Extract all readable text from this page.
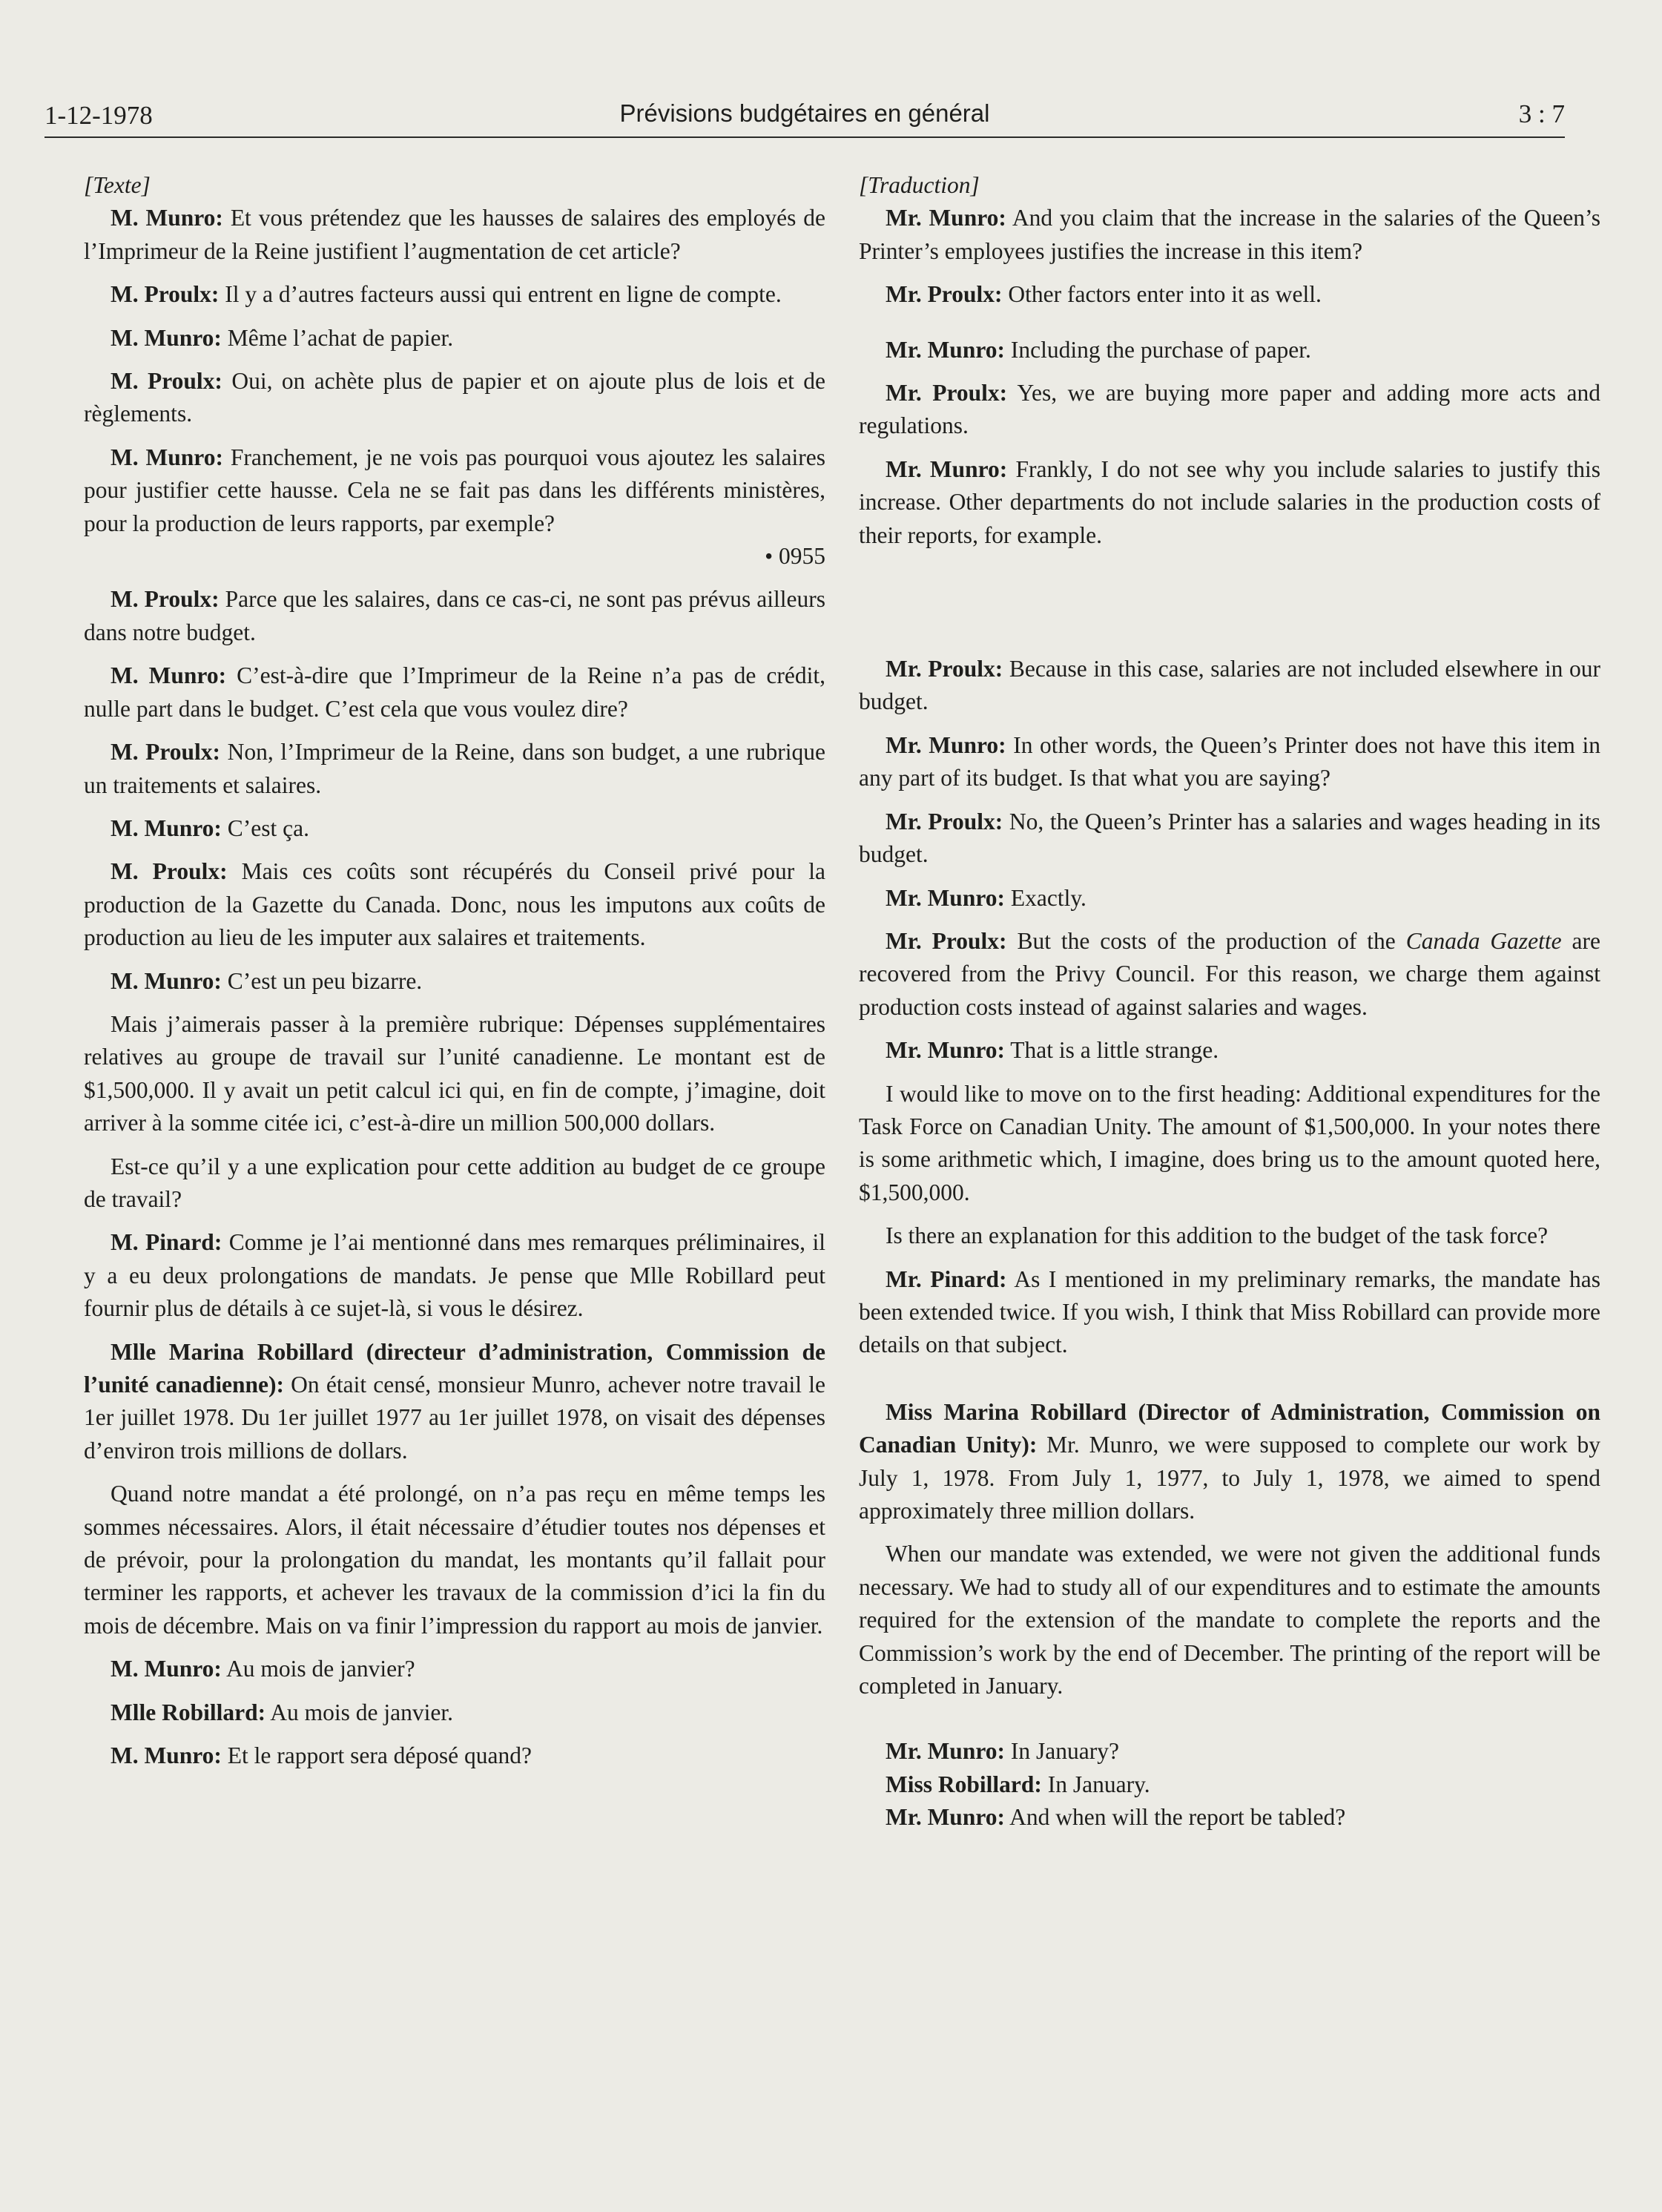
1-12-1978	Prévisions budgétaires en général	3 : 7

[Texte]

M. Munro: Et vous prétendez que les hausses de salaires des employés de l’Imprimeur de la Reine justifient l’augmentation de cet article?

M. Proulx: Il y a d’autres facteurs aussi qui entrent en ligne de compte.

M. Munro: Même l’achat de papier.

M. Proulx: Oui, on achète plus de papier et on ajoute plus de lois et de règlements.

M. Munro: Franchement, je ne vois pas pourquoi vous ajoutez les salaires pour justifier cette hausse. Cela ne se fait pas dans les différents ministères, pour la production de leurs rapports, par exemple?

• 0955

M. Proulx: Parce que les salaires, dans ce cas-ci, ne sont pas prévus ailleurs dans notre budget.

M. Munro: C’est-à-dire que l’Imprimeur de la Reine n’a pas de crédit, nulle part dans le budget. C’est cela que vous voulez dire?

M. Proulx: Non, l’Imprimeur de la Reine, dans son budget, a une rubrique un traitements et salaires.

M. Munro: C’est ça.

M. Proulx: Mais ces coûts sont récupérés du Conseil privé pour la production de la Gazette du Canada. Donc, nous les imputons aux coûts de production au lieu de les imputer aux salaires et traitements.

M. Munro: C’est un peu bizarre.

Mais j’aimerais passer à la première rubrique: Dépenses supplémentaires relatives au groupe de travail sur l’unité canadienne. Le montant est de $1,500,000. Il y avait un petit calcul ici qui, en fin de compte, j’imagine, doit arriver à la somme citée ici, c’est-à-dire un million 500,000 dollars.

Est-ce qu’il y a une explication pour cette addition au budget de ce groupe de travail?

M. Pinard: Comme je l’ai mentionné dans mes remarques préliminaires, il y a eu deux prolongations de mandats. Je pense que Mlle Robillard peut fournir plus de détails à ce sujet-là, si vous le désirez.

Mlle Marina Robillard (directeur d’administration, Commission de l’unité canadienne): On était censé, monsieur Munro, achever notre travail le 1er juillet 1978. Du 1er juillet 1977 au 1er juillet 1978, on visait des dépenses d’environ trois millions de dollars.

Quand notre mandat a été prolongé, on n’a pas reçu en même temps les sommes nécessaires. Alors, il était nécessaire d’étudier toutes nos dépenses et de prévoir, pour la prolongation du mandat, les montants qu’il fallait pour terminer les rapports, et achever les travaux de la commission d’ici la fin du mois de décembre. Mais on va finir l’impression du rapport au mois de janvier.

M. Munro: Au mois de janvier?

Mlle Robillard: Au mois de janvier.

M. Munro: Et le rapport sera déposé quand?

[Traduction]

Mr. Munro: And you claim that the increase in the salaries of the Queen’s Printer’s employees justifies the increase in this item?

Mr. Proulx: Other factors enter into it as well.

Mr. Munro: Including the purchase of paper.

Mr. Proulx: Yes, we are buying more paper and adding more acts and regulations.

Mr. Munro: Frankly, I do not see why you include salaries to justify this increase. Other departments do not include salaries in the production costs of their reports, for example.

Mr. Proulx: Because in this case, salaries are not included elsewhere in our budget.

Mr. Munro: In other words, the Queen’s Printer does not have this item in any part of its budget. Is that what you are saying?

Mr. Proulx: No, the Queen’s Printer has a salaries and wages heading in its budget.

Mr. Munro: Exactly.

Mr. Proulx: But the costs of the production of the Canada Gazette are recovered from the Privy Council. For this reason, we charge them against production costs instead of against salaries and wages.

Mr. Munro: That is a little strange.

I would like to move on to the first heading: Additional expenditures for the Task Force on Canadian Unity. The amount of $1,500,000. In your notes there is some arithmetic which, I imagine, does bring us to the amount quoted here, $1,500,000.

Is there an explanation for this addition to the budget of the task force?

Mr. Pinard: As I mentioned in my preliminary remarks, the mandate has been extended twice. If you wish, I think that Miss Robillard can provide more details on that subject.

Miss Marina Robillard (Director of Administration, Commission on Canadian Unity): Mr. Munro, we were supposed to complete our work by July 1, 1978. From July 1, 1977, to July 1, 1978, we aimed to spend approximately three million dollars.

When our mandate was extended, we were not given the additional funds necessary. We had to study all of our expenditures and to estimate the amounts required for the extension of the mandate to complete the reports and the Commission’s work by the end of December. The printing of the report will be completed in January.

Mr. Munro: In January?

Miss Robillard: In January.

Mr. Munro: And when will the report be tabled?
